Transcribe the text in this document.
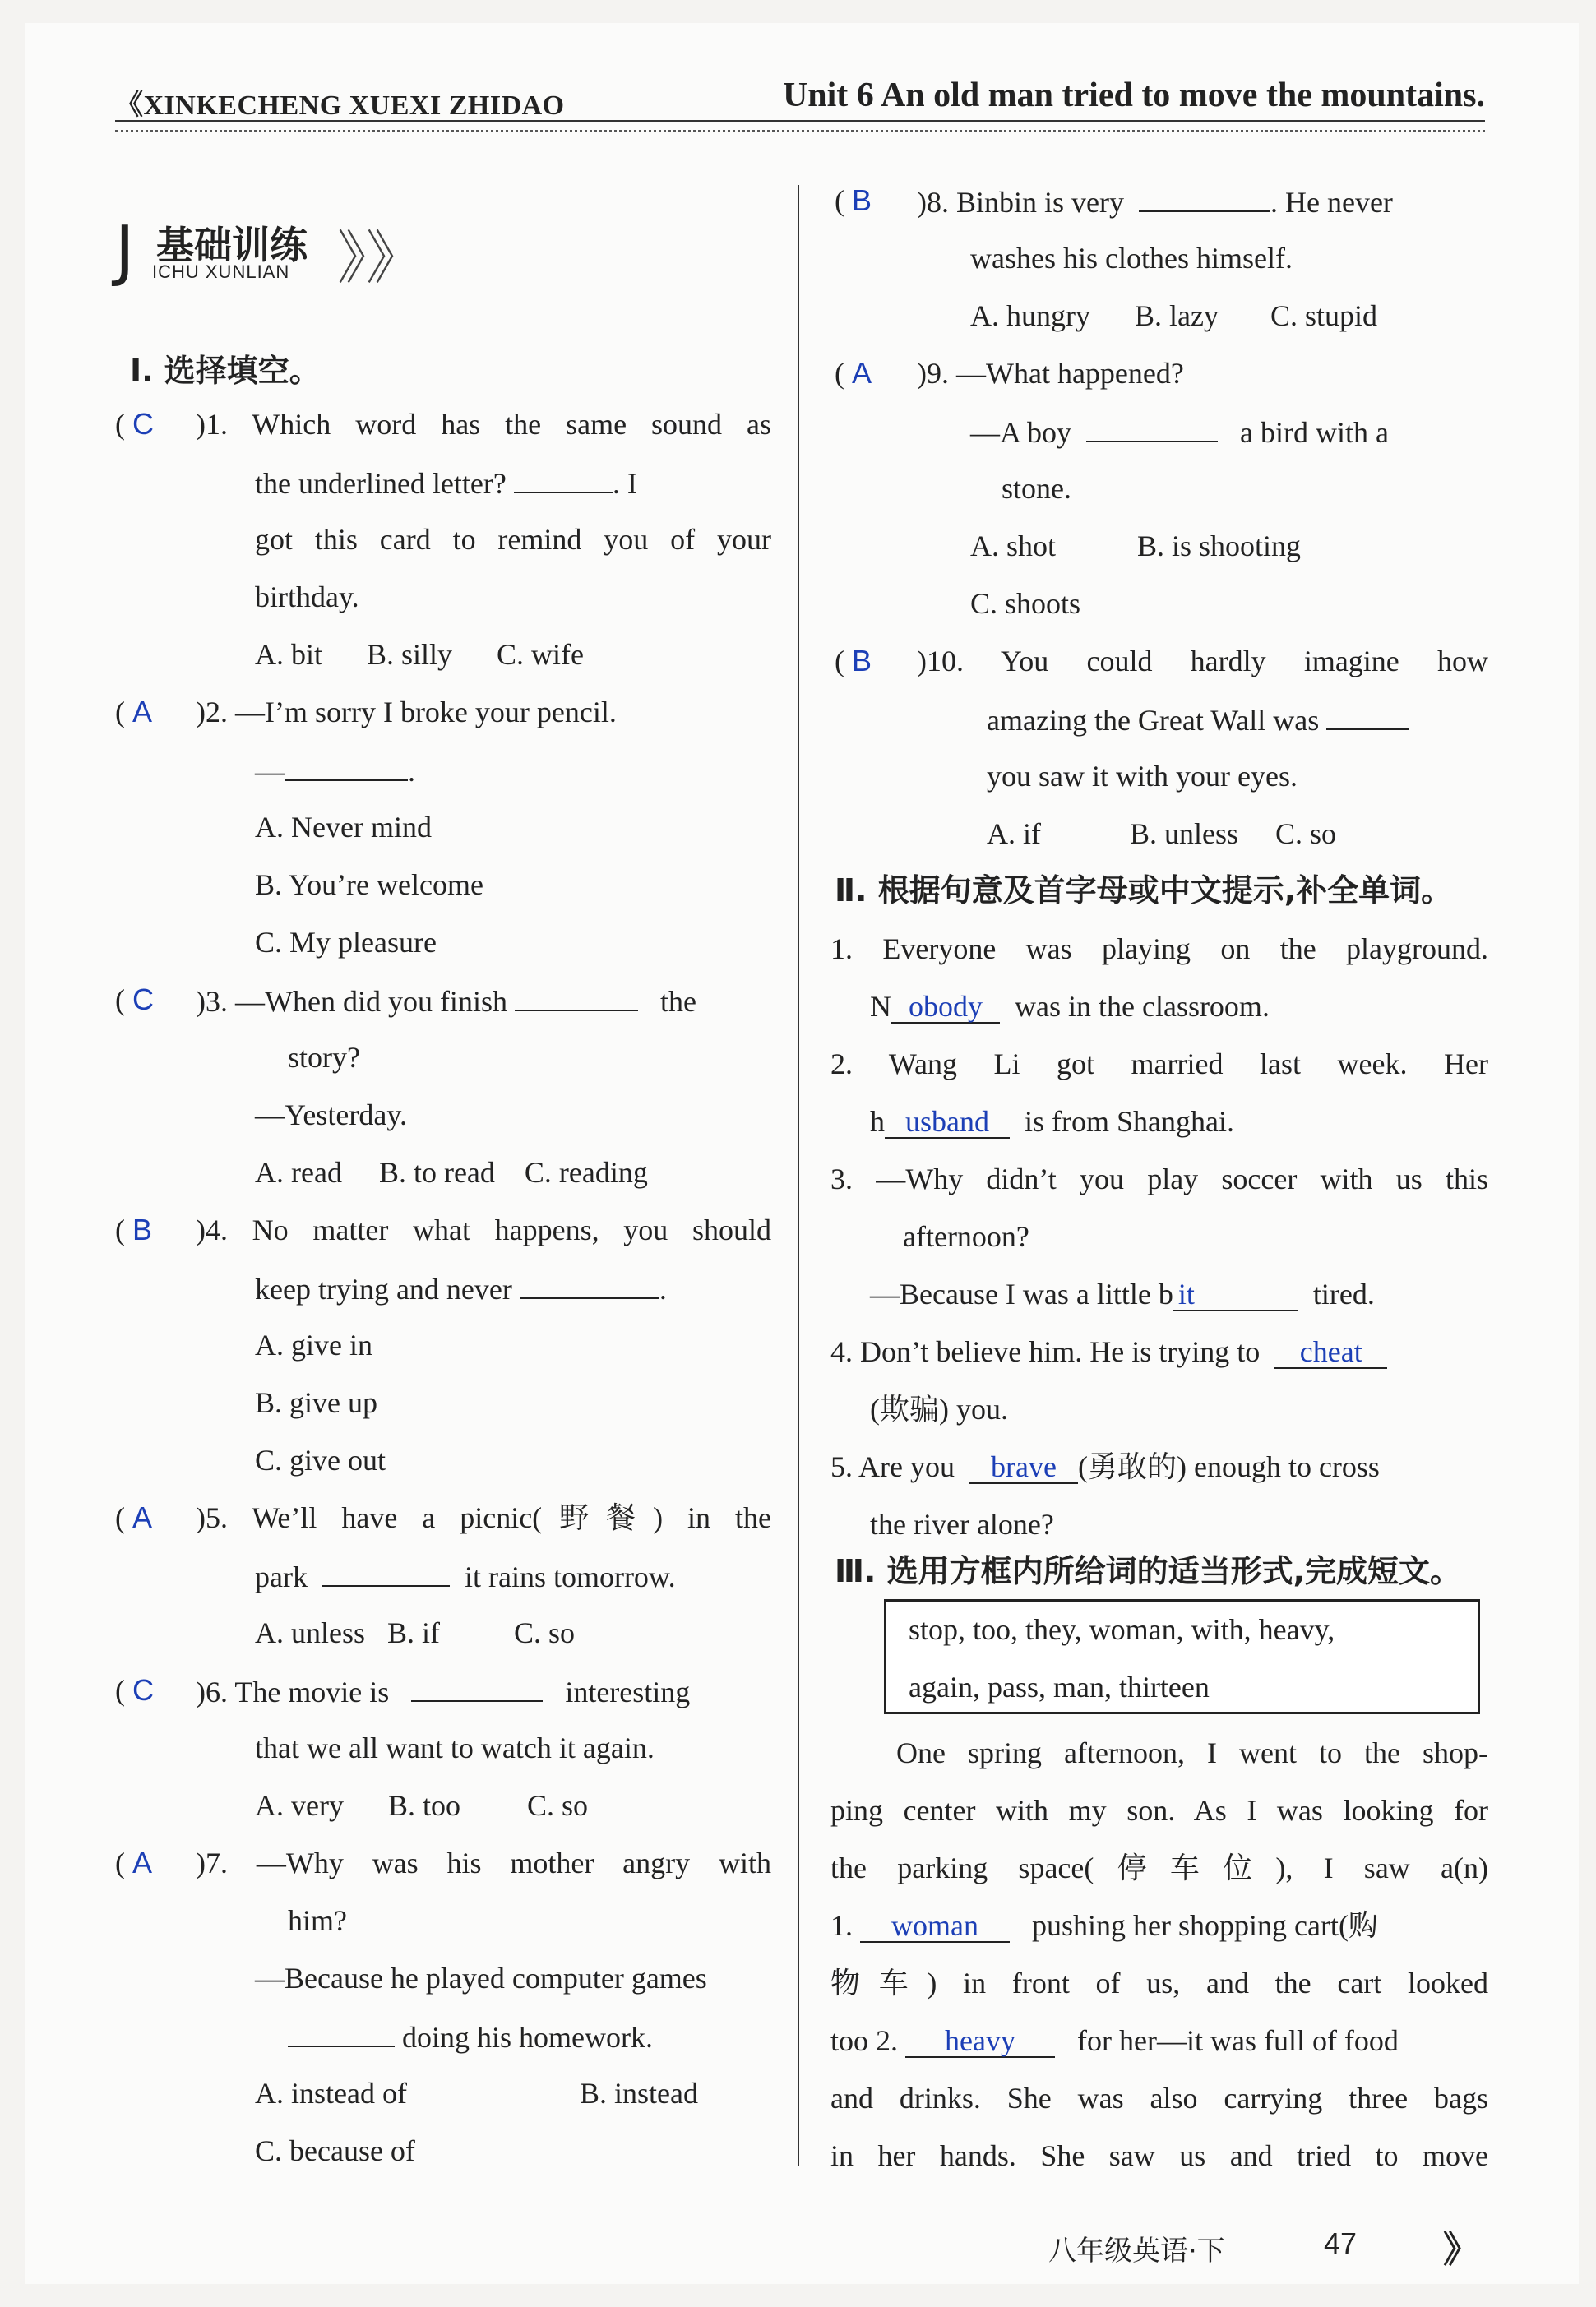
《XINKECHENG XUEXI ZHIDAO	Unit 6 An old man tried to move the mountains.
J 基础训练
ICHU XUNLIAN 》》
Ⅰ. 选择填空。
( C )1. Which word has the same sound as
the underlined letter?	. I
got this card to remind you of your
birthday.
A. bit      B. silly      C. wife
( A )2. —I’m sorry I broke your pencil.
—	.
A. Never mind
B. You’re welcome
C. My pleasure
( C )3. —When did you finish	the
story?
—Yesterday.
A. read     B. to read    C. reading
( B )4. No matter what happens, you should
keep trying and never	.
A. give in
B. give up
C. give out
( A )5. We’ll have a picnic(野餐) in the
park	it rains tomorrow.
A. unless   B. if          C. so
( C )6. The movie is	interesting
that we all want to watch it again.
A. very      B. too         C. so
( A )7. —Why was his mother angry with
him?
—Because he played computer games
doing his homework.
A. instead of	B. instead
C. because of
( B )8. Binbin is very	. He never
washes his clothes himself.
A. hungry      B. lazy       C. stupid
( A )9. —What happened?
—A boy	a bird with a
stone.
A. shot           B. is shooting
C. shoots
( B )10. You could hardly imagine how
amazing the Great Wall was
you saw it with your eyes.
A. if            B. unless     C. so
Ⅱ. 根据句意及首字母或中文提示,补全单词。
1. Everyone was playing on the playground.
N obody was in the classroom.
2. Wang Li got married last week. Her
h usband is from Shanghai.
3. —Why didn’t you play soccer with us this
afternoon?
—Because I was a little b it	tired.
4. Don’t believe him. He is trying to cheat
(欺骗) you.
5. Are you brave (勇敢的) enough to cross
the river alone?
Ⅲ. 选用方框内所给词的适当形式,完成短文。
stop, too, they, woman, with, heavy,
again, pass, man, thirteen
One spring afternoon, I went to the shop-
ping center with my son. As I was looking for
the parking space(停车位), I saw a(n)
1. woman pushing her shopping cart(购
物车) in front of us, and the cart looked
too 2. heavy for her—it was full of food
and drinks. She was also carrying three bags
in her hands. She saw us and tried to move
八年级英语·下	47 》
